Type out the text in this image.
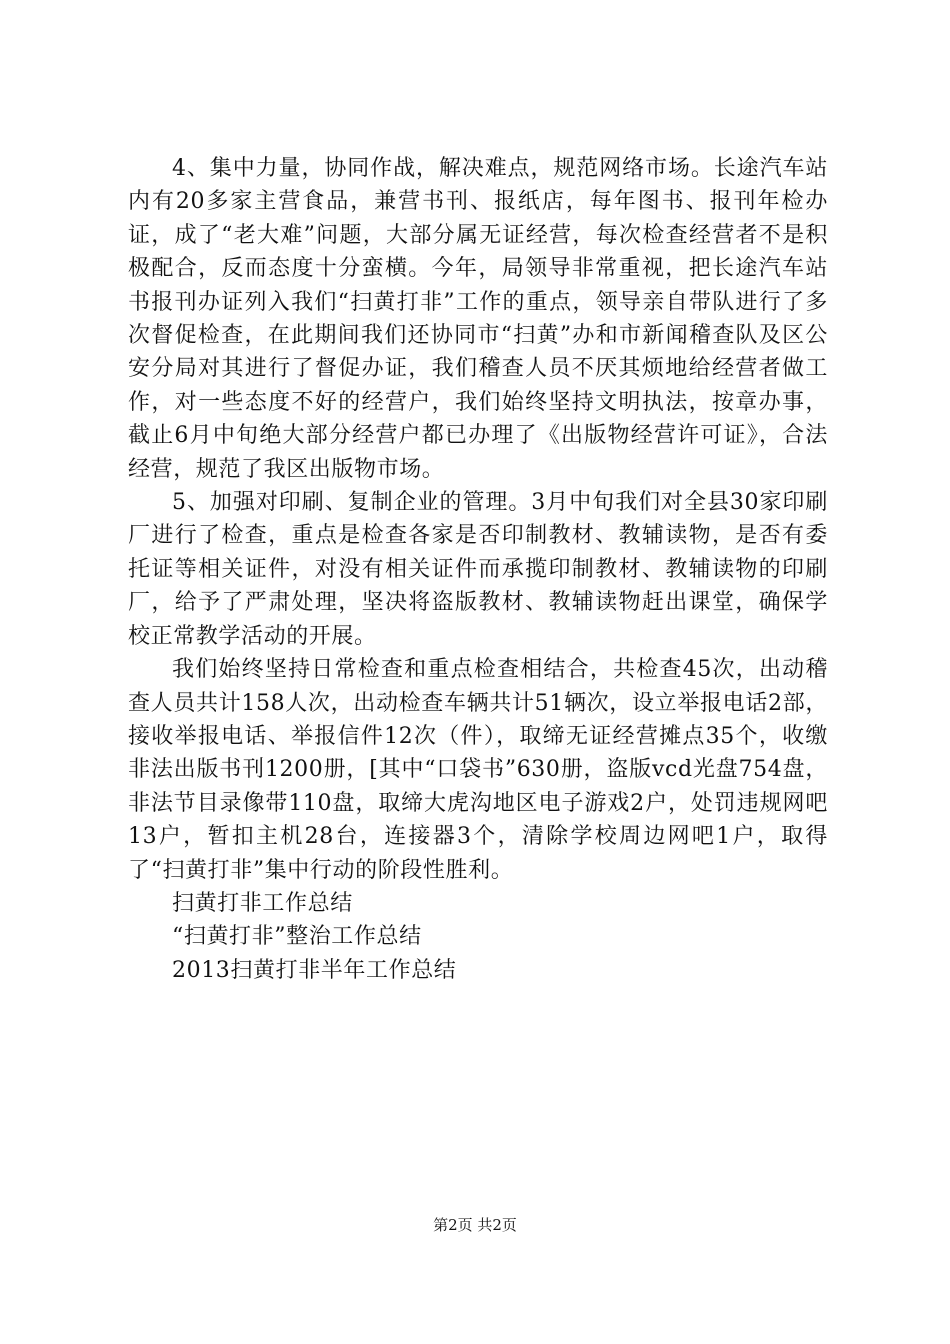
4、集中力量，协同作战，解决难点，规范网络市场。长途汽车站内有20多家主营食品，兼营书刊、报纸店，每年图书、报刊年检办证，成了“老大难”问题，大部分属无证经营，每次检查经营者不是积极配合，反而态度十分蛮横。今年，局领导非常重视，把长途汽车站书报刊办证列入我们“扫黄打非”工作的重点，领导亲自带队进行了多次督促检查，在此期间我们还协同市“扫黄”办和市新闻稽查队及区公安分局对其进行了督促办证，我们稽查人员不厌其烦地给经营者做工作，对一些态度不好的经营户，我们始终坚持文明执法，按章办事，截止6月中旬绝大部分经营户都已办理了《出版物经营许可证》，合法经营，规范了我区出版物市场。

5、加强对印刷、复制企业的管理。3月中旬我们对全县30家印刷厂进行了检查，重点是检查各家是否印制教材、教辅读物，是否有委托证等相关证件，对没有相关证件而承揽印制教材、教辅读物的印刷厂，给予了严肃处理，坚决将盗版教材、教辅读物赶出课堂，确保学校正常教学活动的开展。

我们始终坚持日常检查和重点检查相结合，共检查45次，出动稽查人员共计158人次，出动检查车辆共计51辆次，设立举报电话2部，接收举报电话、举报信件12次（件），取缔无证经营摊点35个，收缴非法出版书刊1200册，[其中“口袋书”630册，盗版vcd光盘754盘，非法节目录像带110盘，取缔大虎沟地区电子游戏2户，处罚违规网吧13户，暂扣主机28台，连接器3个，清除学校周边网吧1户，取得了“扫黄打非”集中行动的阶段性胜利。

扫黄打非工作总结

“扫黄打非”整治工作总结

2013扫黄打非半年工作总结

第2页 共2页
